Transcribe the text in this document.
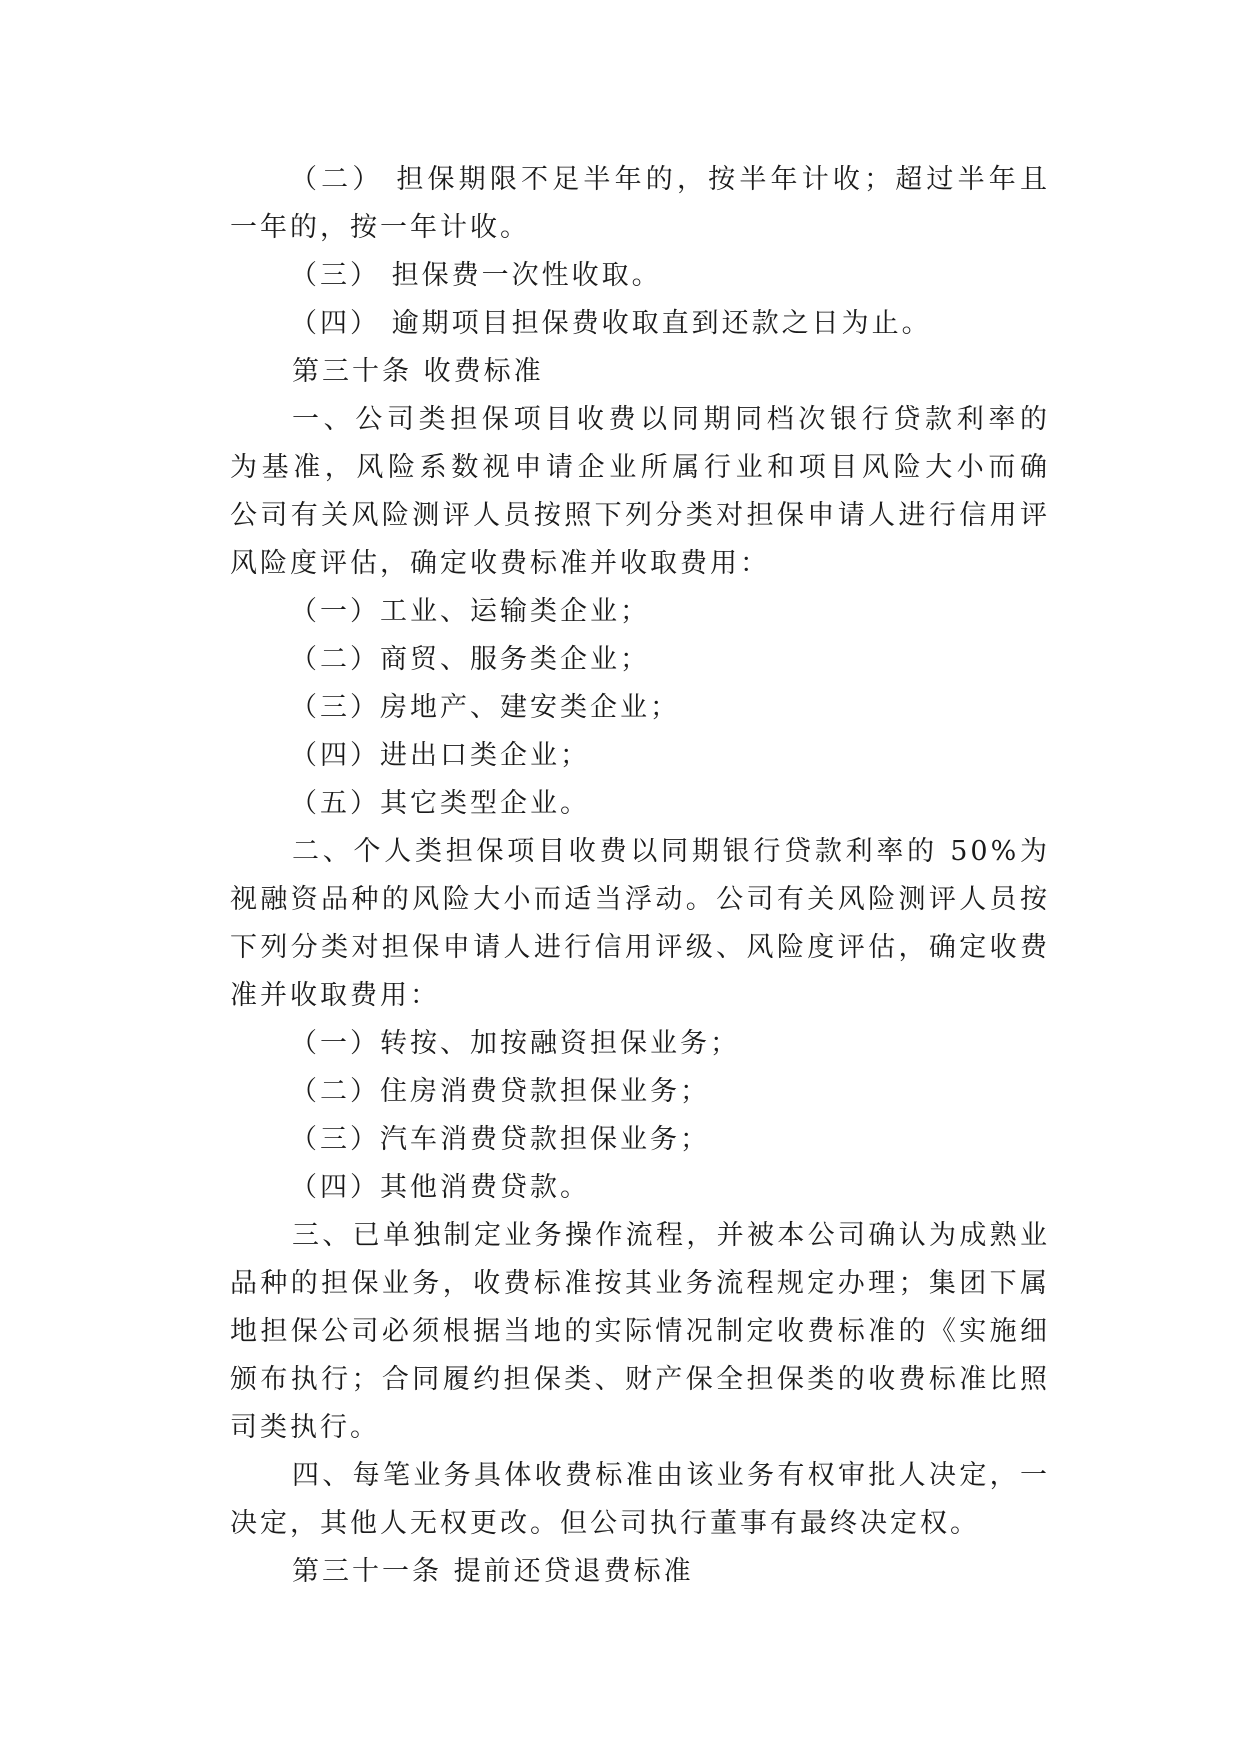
（二） 担保期限不足半年的，按半年计收；超过半年且
一年的，按一年计收。
（三） 担保费一次性收取。
（四） 逾期项目担保费收取直到还款之日为止。
第三十条 收费标准
一、公司类担保项目收费以同期同档次银行贷款利率的
为基准，风险系数视申请企业所属行业和项目风险大小而确
公司有关风险测评人员按照下列分类对担保申请人进行信用评
风险度评估，确定收费标准并收取费用：
（一）工业、运输类企业；
（二）商贸、服务类企业；
（三）房地产、建安类企业；
（四）进出口类企业；
（五）其它类型企业。
二、个人类担保项目收费以同期银行贷款利率的 50%为
视融资品种的风险大小而适当浮动。公司有关风险测评人员按
下列分类对担保申请人进行信用评级、风险度评估，确定收费
准并收取费用：
（一）转按、加按融资担保业务；
（二）住房消费贷款担保业务；
（三）汽车消费贷款担保业务；
（四）其他消费贷款。
三、已单独制定业务操作流程，并被本公司确认为成熟业
品种的担保业务，收费标准按其业务流程规定办理；集团下属
地担保公司必须根据当地的实际情况制定收费标准的《实施细
颁布执行；合同履约担保类、财产保全担保类的收费标准比照
司类执行。
四、每笔业务具体收费标准由该业务有权审批人决定，一
决定，其他人无权更改。但公司执行董事有最终决定权。
第三十一条 提前还贷退费标准
